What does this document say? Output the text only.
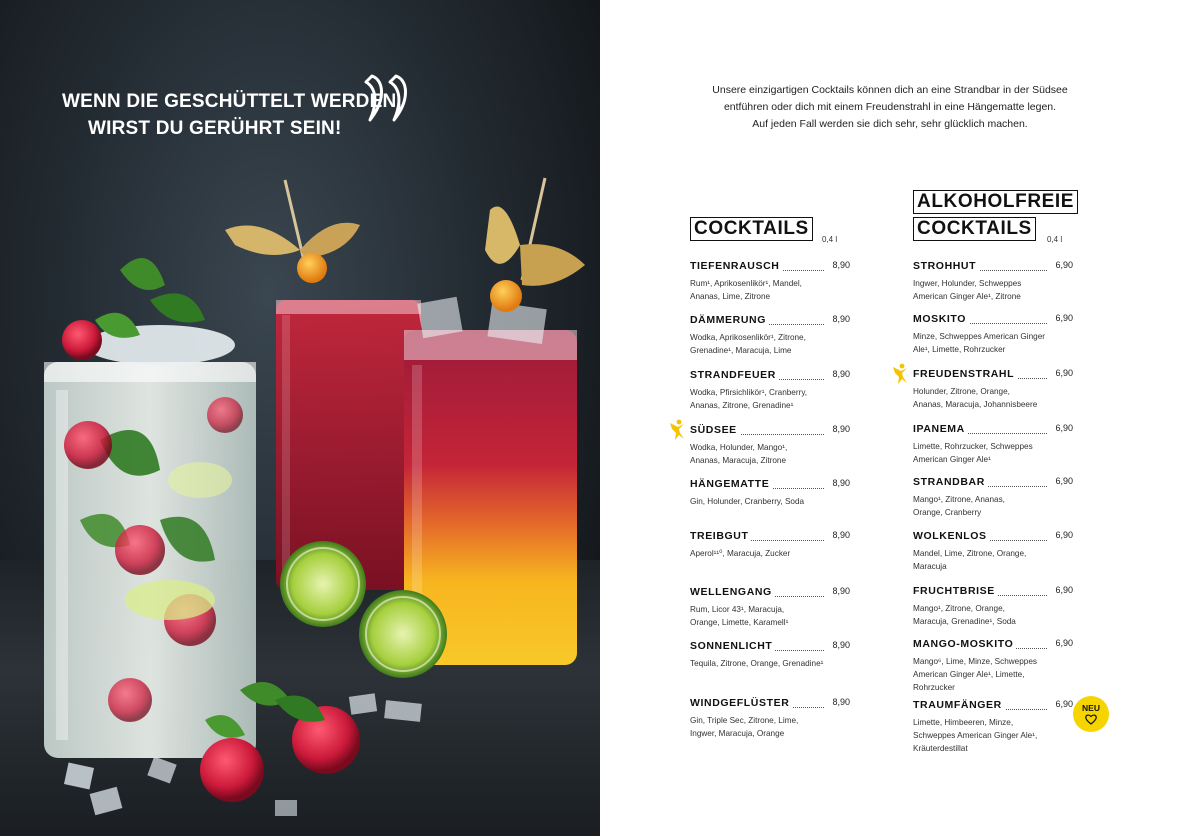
WENN DIE GESCHÜTTELT WERDEN,
WIRST DU GERÜHRT SEIN!
Unsere einzigartigen Cocktails können dich an eine Strandbar in der Südsee
entführen oder dich mit einem Freudenstrahl in eine Hängematte legen.
Auf jeden Fall werden sie dich sehr, sehr glücklich machen.
COCKTAILS
0,4 l
TIEFENRAUSCH	8,90
Rum¹, Aprikosenlikör¹, Mandel,
Ananas, Lime, Zitrone
DÄMMERUNG	8,90
Wodka, Aprikosenlikör¹, Zitrone,
Grenadine¹, Maracuja, Lime
STRANDFEUER	8,90
Wodka, Pfirsichlikör¹, Cranberry,
Ananas, Zitrone, Grenadine¹
SÜDSEE	8,90
Wodka, Holunder, Mango¹,
Ananas, Maracuja, Zitrone
HÄNGEMATTE	8,90
Gin, Holunder, Cranberry, Soda
TREIBGUT	8,90
Aperol¹¹⁰, Maracuja, Zucker
WELLENGANG	8,90
Rum, Licor 43¹, Maracuja,
Orange, Limette, Karamell¹
SONNENLICHT	8,90
Tequila, Zitrone, Orange, Grenadine¹
WINDGEFLÜSTER	8,90
Gin, Triple Sec, Zitrone, Lime,
Ingwer, Maracuja, Orange
ALKOHOLFREIE
COCKTAILS
0,4 l
STROHHUT	6,90
Ingwer, Holunder, Schweppes
American Ginger Ale¹, Zitrone
MOSKITO	6,90
Minze, Schweppes American Ginger
Ale¹, Limette, Rohrzucker
FREUDENSTRAHL	6,90
Holunder, Zitrone, Orange,
Ananas, Maracuja, Johannisbeere
IPANEMA	6,90
Limette, Rohrzucker, Schweppes
American Ginger Ale¹
STRANDBAR	6,90
Mango¹, Zitrone, Ananas,
Orange, Cranberry
WOLKENLOS	6,90
Mandel, Lime, Zitrone, Orange,
Maracuja
FRUCHTBRISE	6,90
Mango¹, Zitrone, Orange,
Maracuja, Grenadine¹, Soda
MANGO-MOSKITO	6,90
Mango⁶, Lime, Minze, Schweppes
American Ginger Ale¹, Limette,
Rohrzucker
TRAUMFÄNGER	6,90
Limette, Himbeeren, Minze,
Schweppes American Ginger Ale¹,
Kräuterdestillat
NEU
